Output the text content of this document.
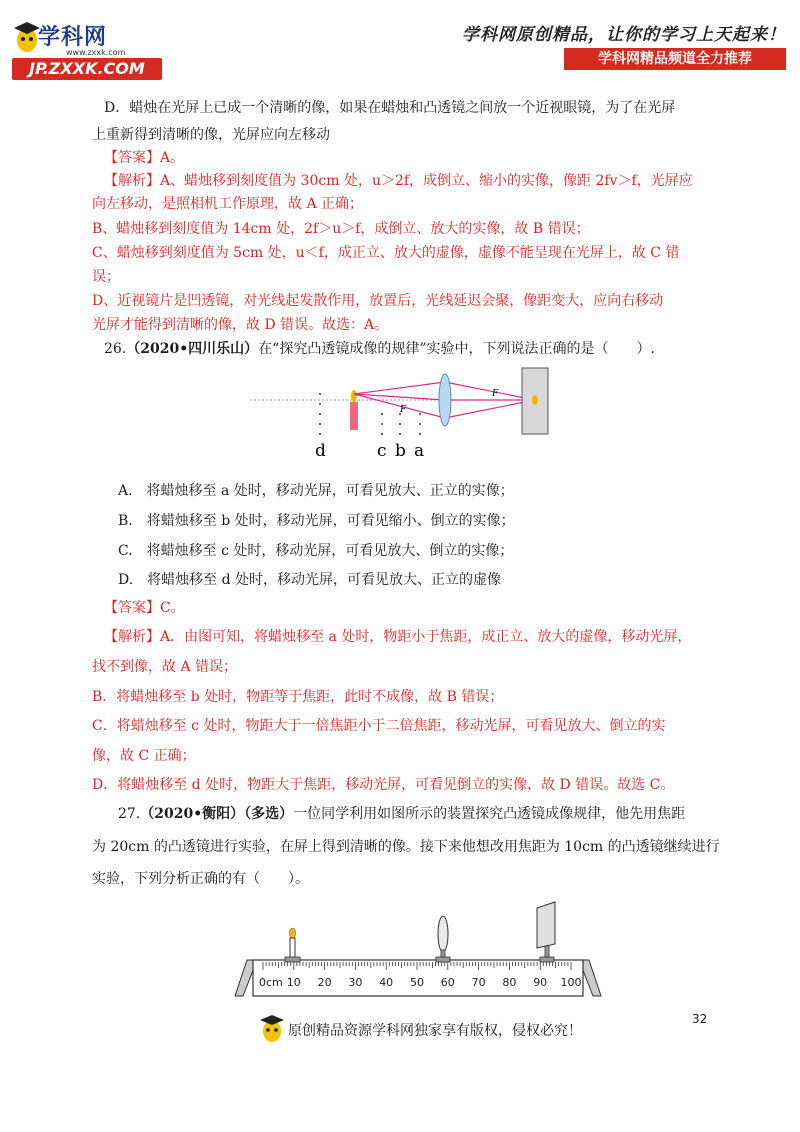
学科网
www.zxxk.com
JP.ZXXK.COM
学科网原创精品，让你的学习上天起来！
学科网精品频道全力推荐
D．蜡烛在光屏上已成一个清晰的像，如果在蜡烛和凸透镜之间放一个近视眼镜，为了在光屏
上重新得到清晰的像，光屏应向左移动
【答案】A。
【解析】A、蜡烛移到刻度值为 30cm 处，u＞2f，成倒立、缩小的实像，像距 2fv＞f，光屏应
向左移动，是照相机工作原理，故 A 正确；
B、蜡烛移到刻度值为 14cm 处，2f＞u＞f，成倒立、放大的实像，故 B 错误；
C、蜡烛移到刻度值为 5cm 处，u＜f，成正立、放大的虚像，虚像不能呈现在光屏上，故 C 错
误；
D、近视镜片是凹透镜，对光线起发散作用，放置后，光线延迟会聚，像距变大，应向右移动
光屏才能得到清晰的像，故 D 错误。故选：A。
26.（2020•四川乐山）在“探究凸透镜成像的规律”实验中，下列说法正确的是（　　）.
F
F
d	c b a
A.　将蜡烛移至 a 处时，移动光屏，可看见放大、正立的实像；
B.　将蜡烛移至 b 处时，移动光屏，可看见缩小、倒立的实像；
C.　将蜡烛移至 c 处时，移动光屏，可看见放大、倒立的实像；
D.　将蜡烛移至 d 处时，移动光屏，可看见放大、正立的虚像
【答案】C。
【解析】A．由图可知，将蜡烛移至 a 处时，物距小于焦距，成正立、放大的虚像，移动光屏，
找不到像，故 A 错误；
B．将蜡烛移至 b 处时，物距等于焦距，此时不成像，故 B 错误；
C．将蜡烛移至 c 处时，物距大于一倍焦距小于二倍焦距，移动光屏，可看见放大、倒立的实
像，故 C 正确；
D．将蜡烛移至 d 处时，物距大于焦距，移动光屏，可看见倒立的实像，故 D 错误。故选 C。
27.（2020•衡阳）（多选）一位同学利用如图所示的装置探究凸透镜成像规律，他先用焦距
为 20cm 的凸透镜进行实验，在屏上得到清晰的像。接下来他想改用焦距为 10cm 的凸透镜继续进行
实验，下列分析正确的有（　　）。
0cm 10 20 30 40 50 60 70 80 90 100
32
原创精品资源学科网独家享有版权，侵权必究！
